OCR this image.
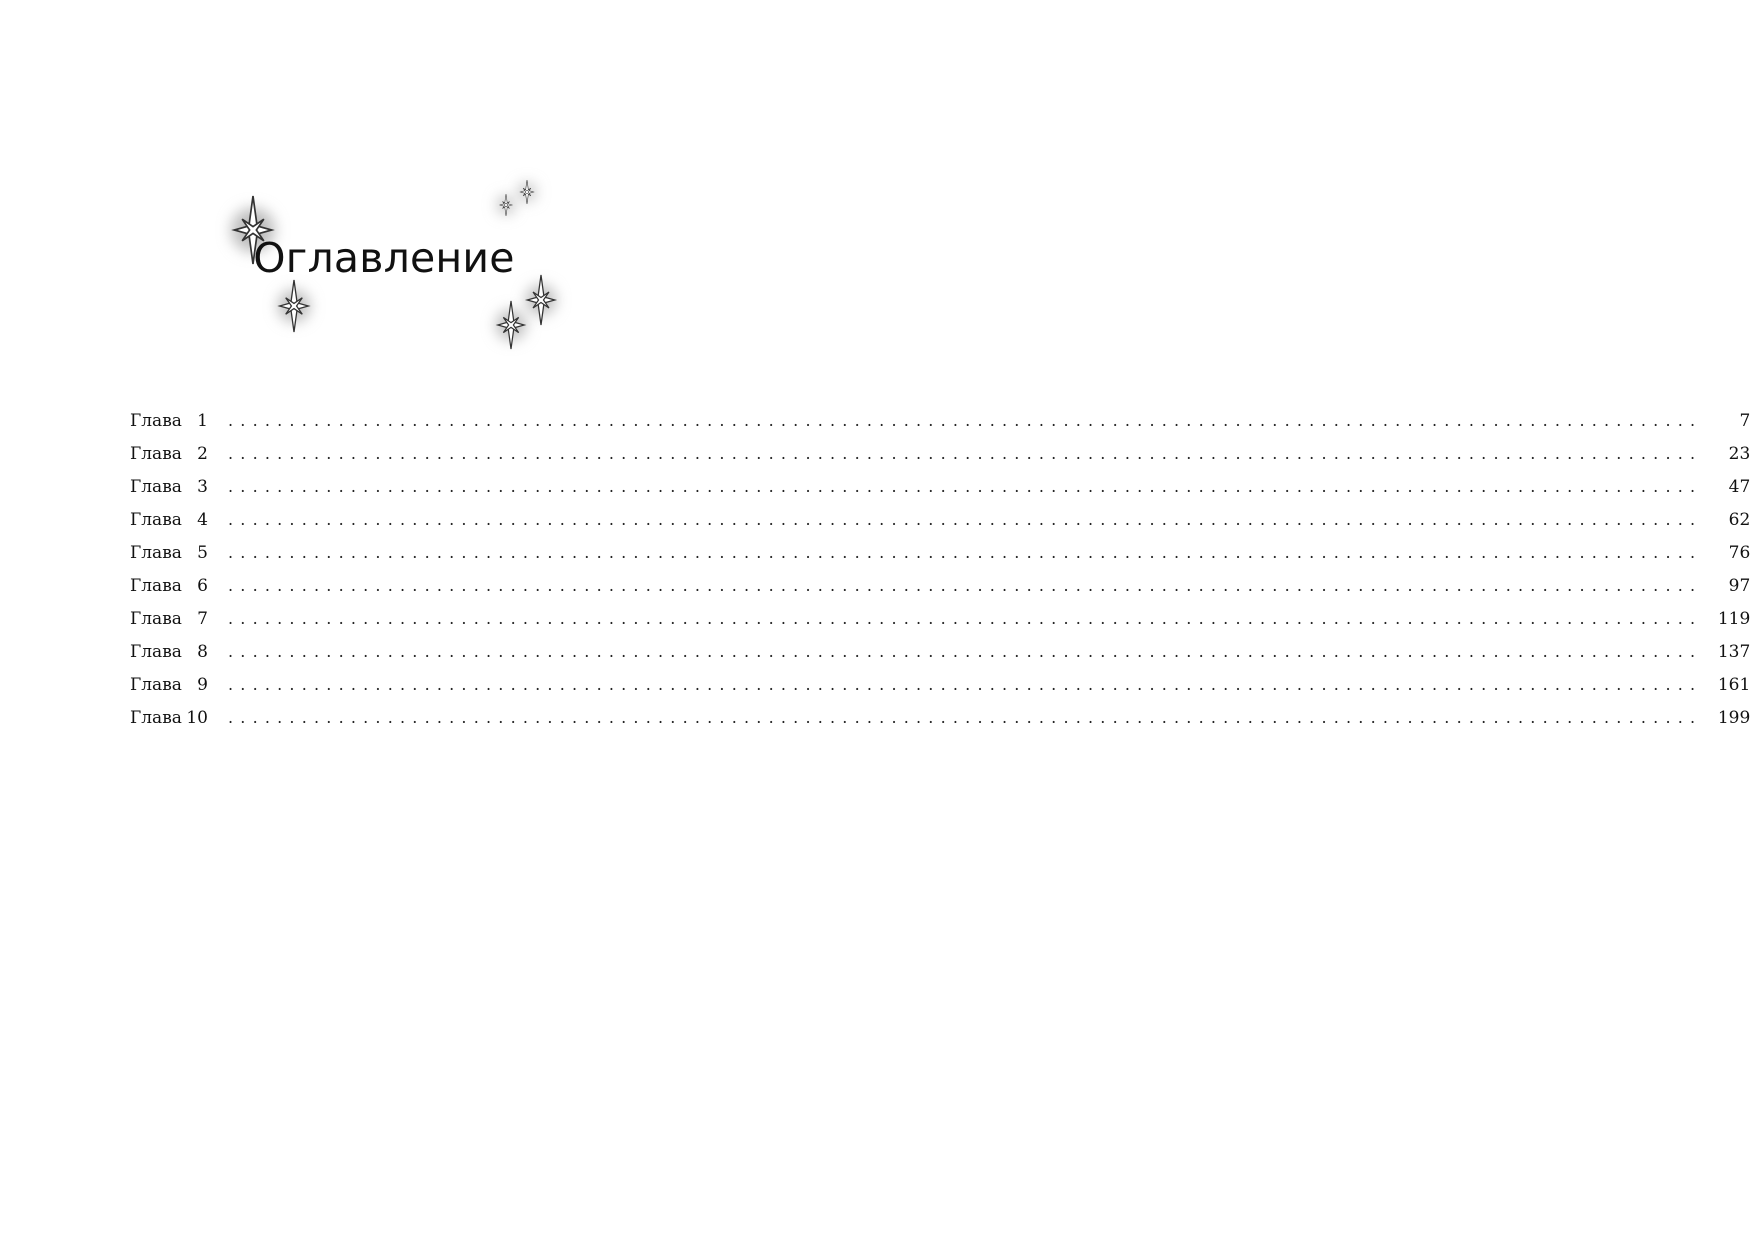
Оглавление
Глава 1 ........................................................................................................................	7
Глава 2 ........................................................................................................................	23
Глава 3 ........................................................................................................................	47
Глава 4 ........................................................................................................................	62
Глава 5 ........................................................................................................................	76
Глава 6 ........................................................................................................................	97
Глава 7 ........................................................................................................................ 119
Глава 8 ........................................................................................................................ 137
Глава 9 ........................................................................................................................ 161
Глава 10 ........................................................................................................................ 199
